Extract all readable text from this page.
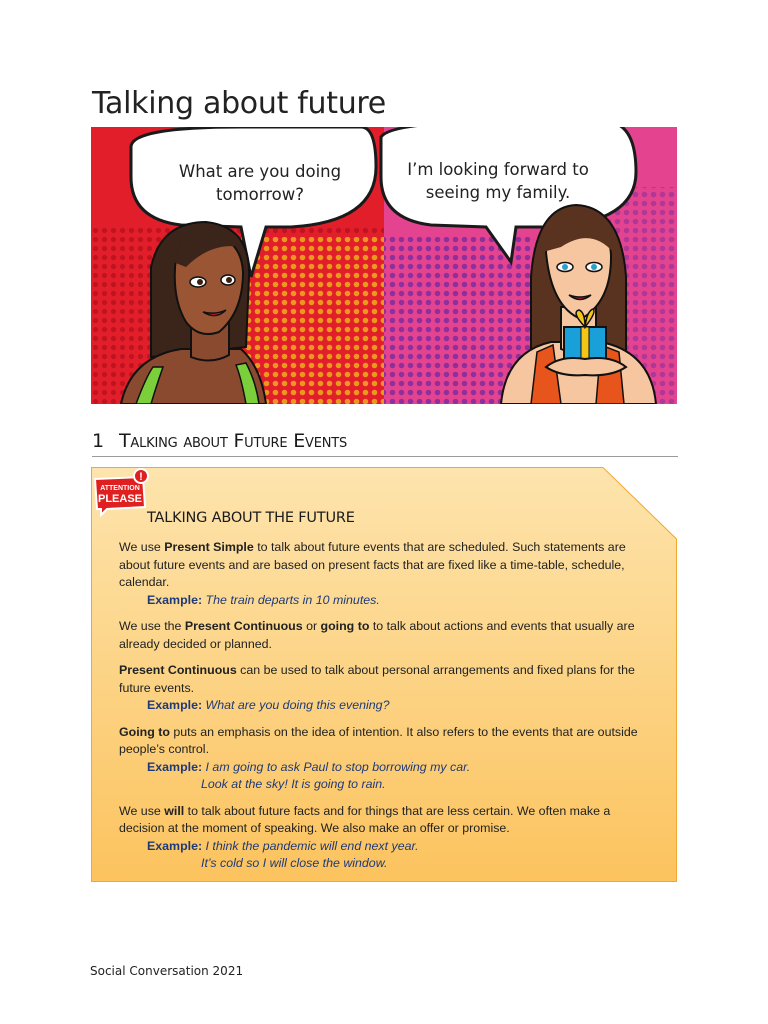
Talking about future
What are you doing
tomorrow?
I’m looking forward to
seeing my family.
1 Talking about Future Events
!
ATTENTION
PLEASE
TALKING ABOUT THE FUTURE

We use Present Simple to talk about future events that are scheduled. Such statements are about future events and are based on present facts that are fixed like a time-table, schedule, calendar.

Example: The train departs in 10 minutes.

We use the Present Continuous or going to to talk about actions and events that usually are already decided or planned.

Present Continuous can be used to talk about personal arrangements and fixed plans for the future events.

Example: What are you doing this evening?

Going to puts an emphasis on the idea of intention. It also refers to the events that are outside people’s control.

Example: I am going to ask Paul to stop borrowing my car.

Look at the sky! It is going to rain.

We use will to talk about future facts and for things that are less certain. We often make a decision at the moment of speaking. We also make an offer or promise.

Example: I think the pandemic will end next year.

It’s cold so I will close the window.

Social Conversation 2021
